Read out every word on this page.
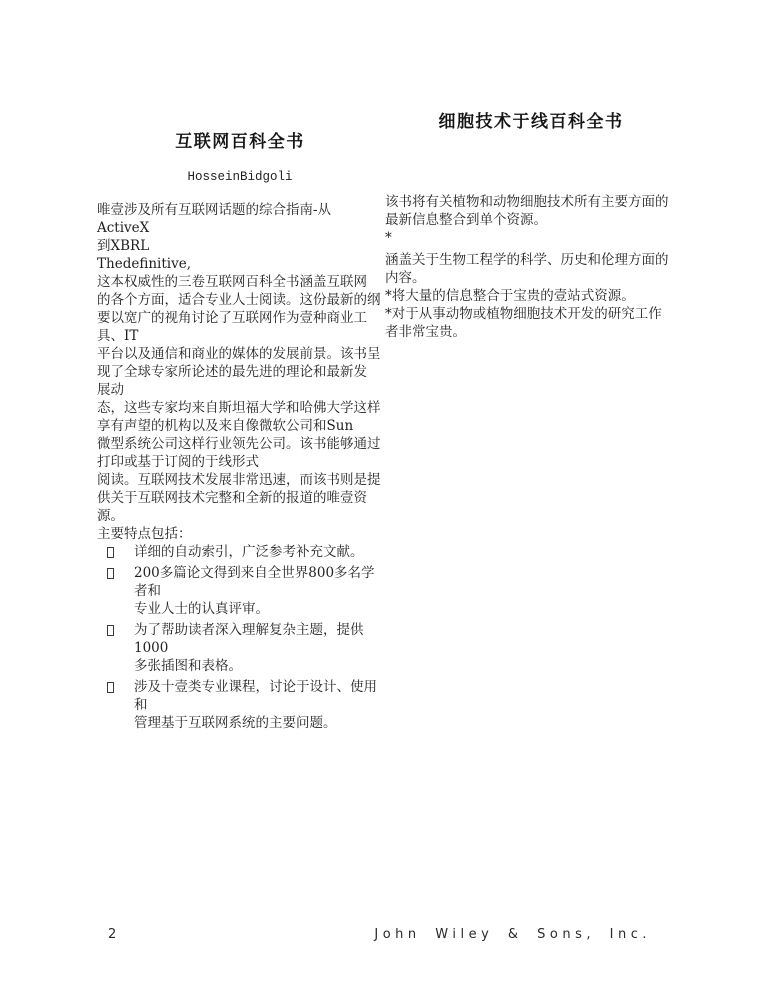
互联网百科全书
HosseinBidgoli
唯壹涉及所有互联网话题的综合指南-从ActiveX
到XBRL
Thedefinitive,
这本权威性的三卷互联网百科全书涵盖互联网
的各个方面，适合专业人士阅读。这份最新的纲
要以宽广的视角讨论了互联网作为壹种商业工
具、IT
平台以及通信和商业的媒体的发展前景。该书呈
现了全球专家所论述的最先进的理论和最新发
展动
态，这些专家均来自斯坦福大学和哈佛大学这样
享有声望的机构以及来自像微软公司和Sun
微型系统公司这样行业领先公司。该书能够通过
打印或基于订阅的于线形式
阅读。互联网技术发展非常迅速，而该书则是提
供关于互联网技术完整和全新的报道的唯壹资
源。
主要特点包括：
详细的自动索引，广泛参考补充文献。
200多篇论文得到来自全世界800多名学者和
专业人士的认真评审。
为了帮助读者深入理解复杂主题，提供1000
多张插图和表格。
涉及十壹类专业课程，讨论于设计、使用和
管理基于互联网系统的主要问题。
细胞技术于线百科全书
该书将有关植物和动物细胞技术所有主要方面的
最新信息整合到单个资源。
*
涵盖关于生物工程学的科学、历史和伦理方面的
内容。
*将大量的信息整合于宝贵的壹站式资源。
*对于从事动物或植物细胞技术开发的研究工作
者非常宝贵。
2	John Wiley & Sons, Inc.
